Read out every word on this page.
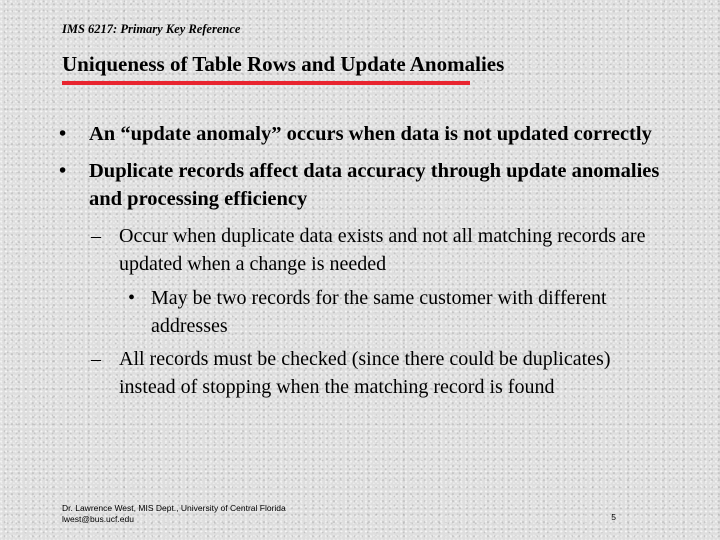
IMS 6217: Primary Key Reference
Uniqueness of Table Rows and Update Anomalies
• An “update anomaly” occurs when data is not updated correctly
• Duplicate records affect data accuracy through update anomalies and processing efficiency
– Occur when duplicate data exists and not all matching records are updated when a change is needed
• May be two records for the same customer with different addresses
– All records must be checked (since there could be duplicates) instead of stopping when the matching record is found
Dr. Lawrence West, MIS Dept., University of Central Florida
lwest@bus.ucf.edu	5
